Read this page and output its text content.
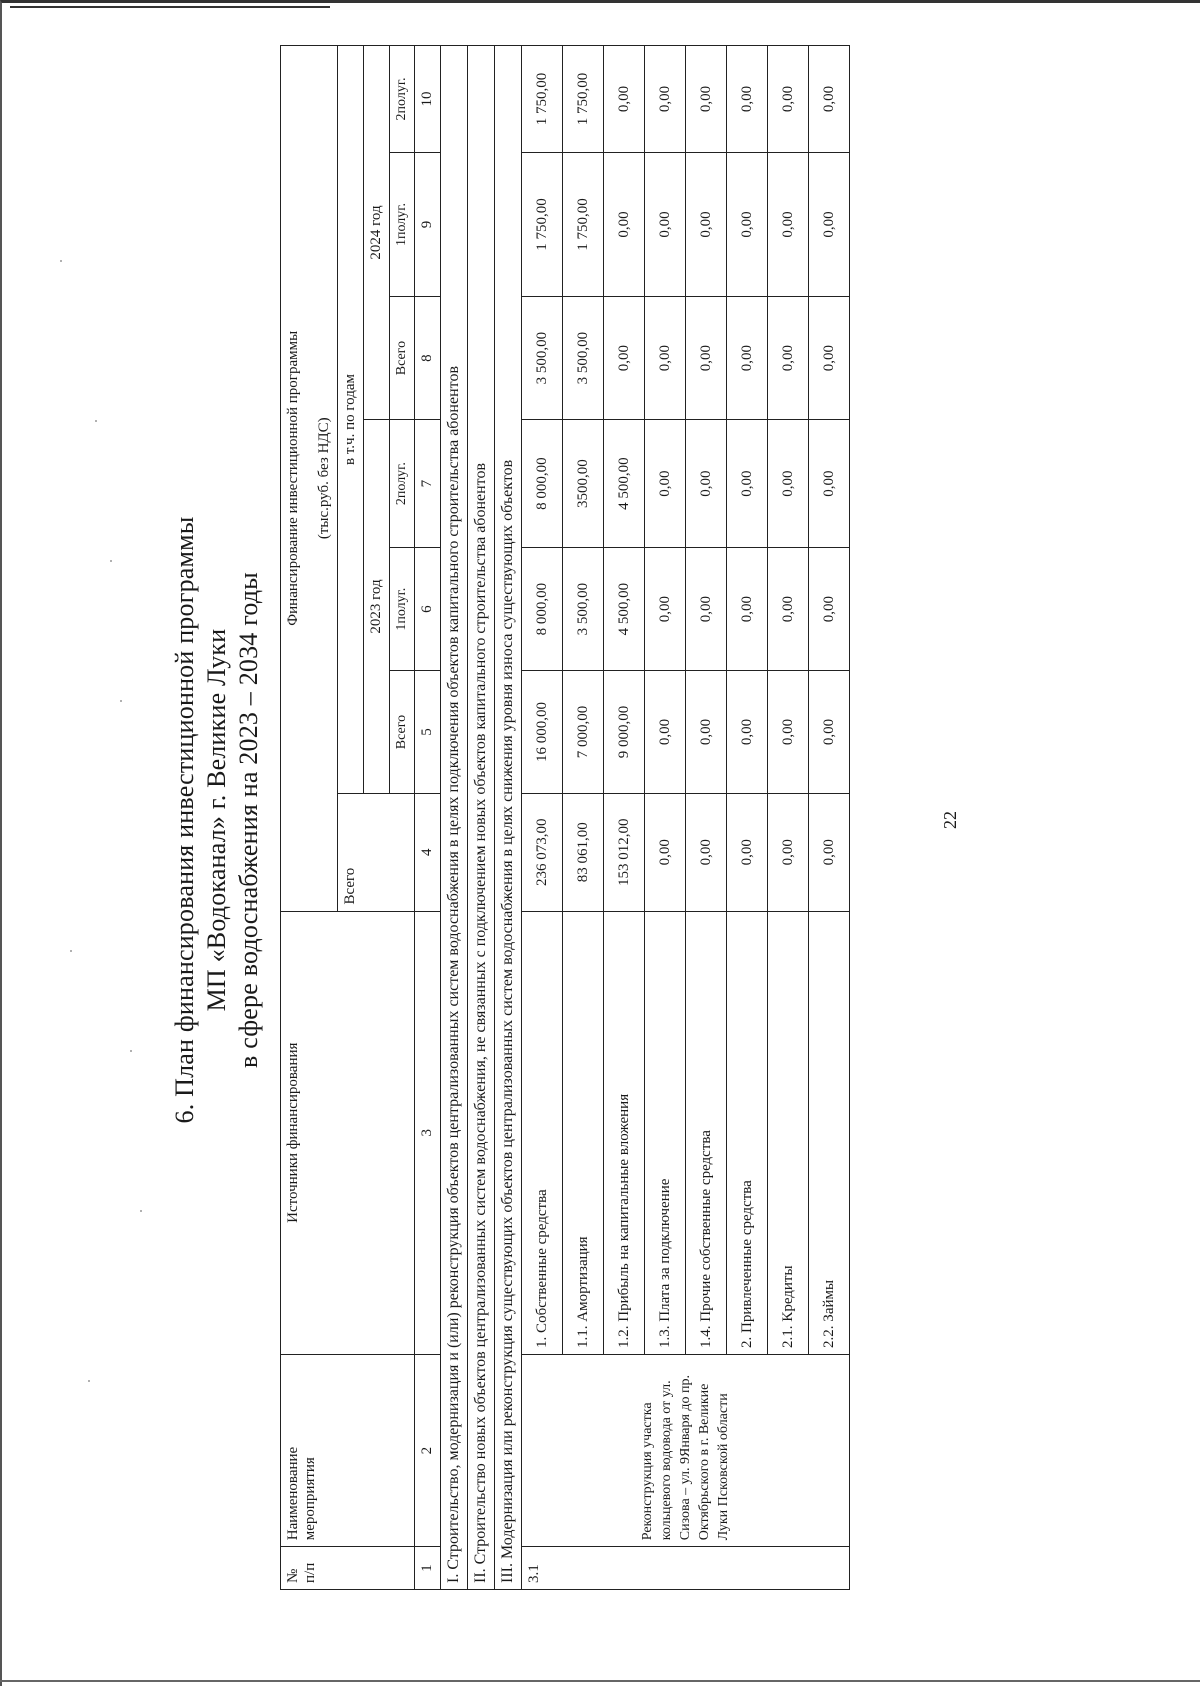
22
6. План финансирования инвестиционной программы МП «Водоканал» г. Великие Луки в сфере водоснабжения на 2023 – 2034 годы
№ п/п	Наименование мероприятия	Источники финансирования	Финансирование инвестиционной программы (тыс.руб. без НДС)						

			Всего	в т.ч. по годам					
				2023 год			2024 год		
				Всего	1полуг.	2полуг.	Всего	1полуг.	2полуг.
1	2	3	4	5	6	7	8	9	10
I. Строительство, модернизация и (или) реконструкция объектов централизованных систем водоснабжения в целях подключения объектов капитального строительства абонентов									
II. Строительство новых объектов централизованных систем водоснабжения, не связанных с подключением новых объектов капитального строительства абонентов									
III. Модернизация или реконструкция существующих объектов централизованных систем водоснабжения в целях снижения уровня износа существующих объектов									
3.1	Реконструкция участка кольцевого водовода от ул. Сизова – ул. 9Января до пр. Октябрьского в г. Великие Луки Псковской области	1. Собственные средства	236 073,00	16 000,00	8 000,00	8 000,00	3 500,00	1 750,00	1 750,00
		1.1. Амортизация	83 061,00	7 000,00	3 500,00	3500,00	3 500,00	1 750,00	1 750,00
		1.2. Прибыль на капитальные вложения	153 012,00	9 000,00	4 500,00	4 500,00	0,00	0,00	0,00
		1.3. Плата за подключение	0,00	0,00	0,00	0,00	0,00	0,00	0,00
		1.4. Прочие собственные средства	0,00	0,00	0,00	0,00	0,00	0,00	0,00
		2. Привлеченные средства	0,00	0,00	0,00	0,00	0,00	0,00	0,00
		2.1. Кредиты	0,00	0,00	0,00	0,00	0,00	0,00	0,00
		2.2. Займы	0,00	0,00	0,00	0,00	0,00	0,00	0,00
